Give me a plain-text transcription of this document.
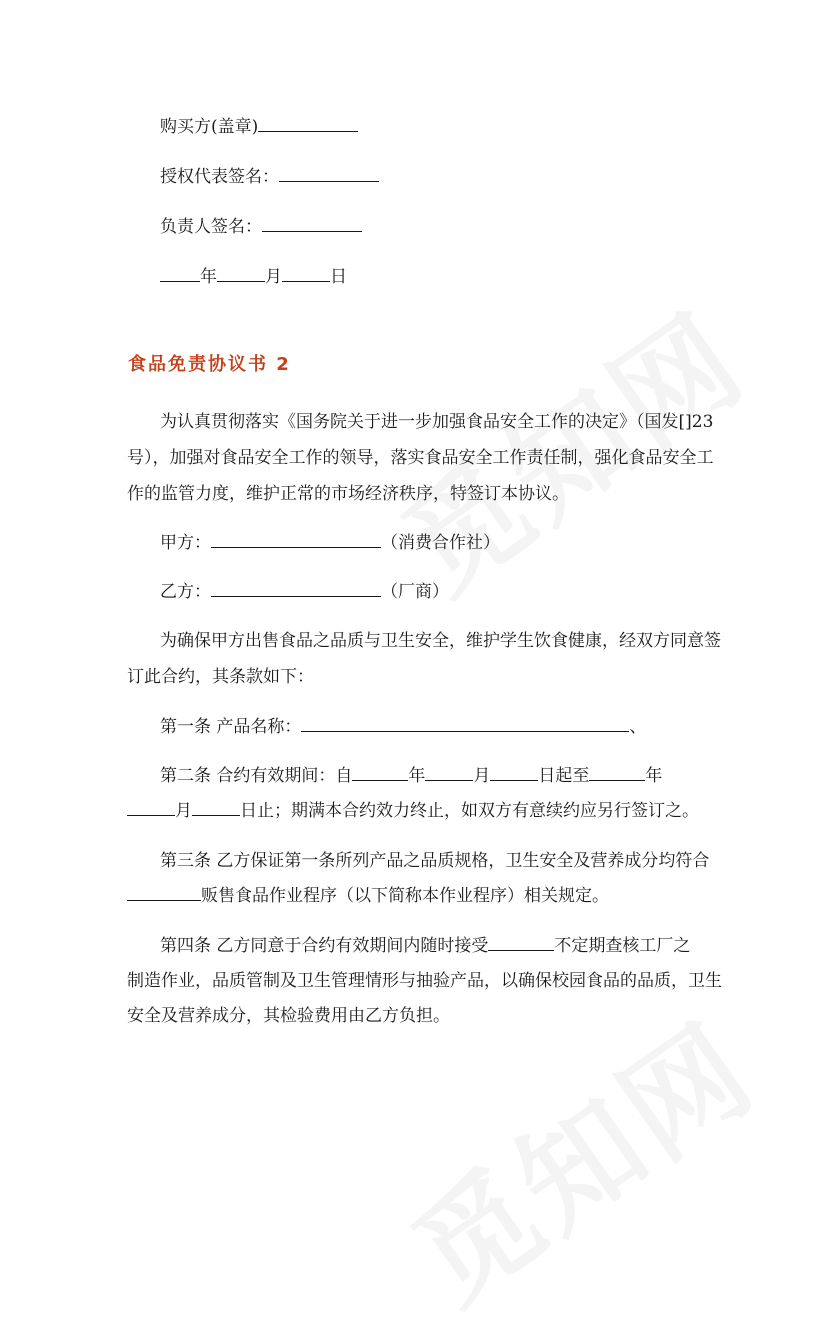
购买方(盖章)
授权代表签名：
负责人签名：
年	月	日
食品免责协议书 2
为认真贯彻落实《国务院关于进一步加强食品安全工作的决定》（国发[]23
号），加强对食品安全工作的领导，落实食品安全工作责任制，强化食品安全工
作的监管力度，维护正常的市场经济秩序，特签订本协议。
甲方：	（消费合作社）
乙方：	（厂商）
为确保甲方出售食品之品质与卫生安全，维护学生饮食健康，经双方同意签
订此合约，其条款如下：
第一条 产品名称：	、
第二条 合约有效期间：自	年	月	日起至	年
月	日止；期满本合约效力终止，如双方有意续约应另行签订之。
第三条 乙方保证第一条所列产品之品质规格，卫生安全及营养成分均符合
贩售食品作业程序（以下简称本作业程序）相关规定。
第四条 乙方同意于合约有效期间内随时接受	不定期查核工厂之
制造作业，品质管制及卫生管理情形与抽验产品，以确保校园食品的品质，卫生
安全及营养成分，其检验费用由乙方负担。
